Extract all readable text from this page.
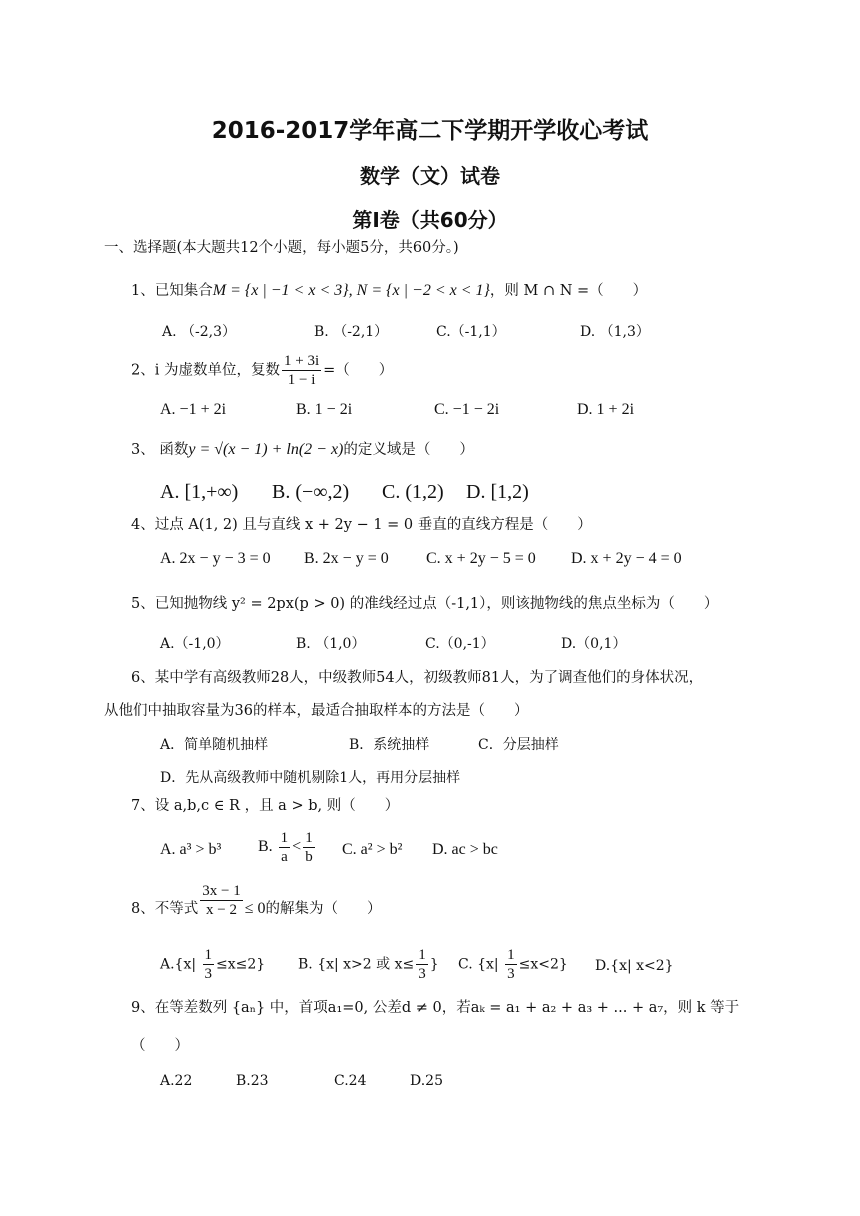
2016-2017学年高二下学期开学收心考试
数学（文）试卷
第Ⅰ卷（共60分）
一、选择题(本大题共12个小题，每小题5分，共60分。)
1、已知集合M = {x | −1 < x < 3}, N = {x | −2 < x < 1}，则 M ∩ N =（　　）
A. （-2,3）	B. （-2,1）	C.（-1,1）	D. （1,3）
2、i 为虚数单位，复数 $\frac{1 + 3i}{1 - i}$ =（　　）
A. −1 + 2i	B. 1 − 2i	C. −1 − 2i	D. 1 + 2i
3、 函数y = √(x − 1) + ln(2 − x)的定义域是（　　）
A. [1,+∞) B. (−∞,2) C. (1,2) D. [1,2)
4、过点 A(1, 2) 且与直线 x + 2y − 1 = 0 垂直的直线方程是（　　）
A. 2x − y − 3 = 0 B. 2x − y = 0 C. x + 2y − 5 = 0 D. x + 2y − 4 = 0
5、已知抛物线 y² = 2px(p > 0) 的准线经过点（-1,1），则该抛物线的焦点坐标为（　　）
A.（-1,0）	B. （1,0）	C.（0,-1）	D.（0,1）
6、某中学有高级教师28人，中级教师54人，初级教师81人，为了调查他们的身体状况，
从他们中抽取容量为36的样本，最适合抽取样本的方法是（　　）
A．简单随机抽样	B．系统抽样	C．分层抽样
D．先从高级教师中随机剔除1人，再用分层抽样
7、设 a,b,c ∈ R ，且 a > b, 则（　　）
A. a³ > b³ B. $\frac{1}{a} < \frac{1}{b} C$. a² > b² D. ac > bc
8、不等式 $\frac{3x - 1}{x - 2} \le 0$的解集为（　　）
$A.\{x| \frac{1}{3} \le x\le 2\}$ B. {x| x>2 或 $x\le \frac{1}{3}$ } C. $\{x| \frac{1}{3} \le x<2\}$ D.{x| x<2}
9、在等差数列 {aₙ} 中，首项a₁=0, 公差d ≠ 0，若aₖ = a₁ + a₂ + a₃ + ... + a₇，则 k 等于
（　　）
A.22	B.23	C.24	D.25
